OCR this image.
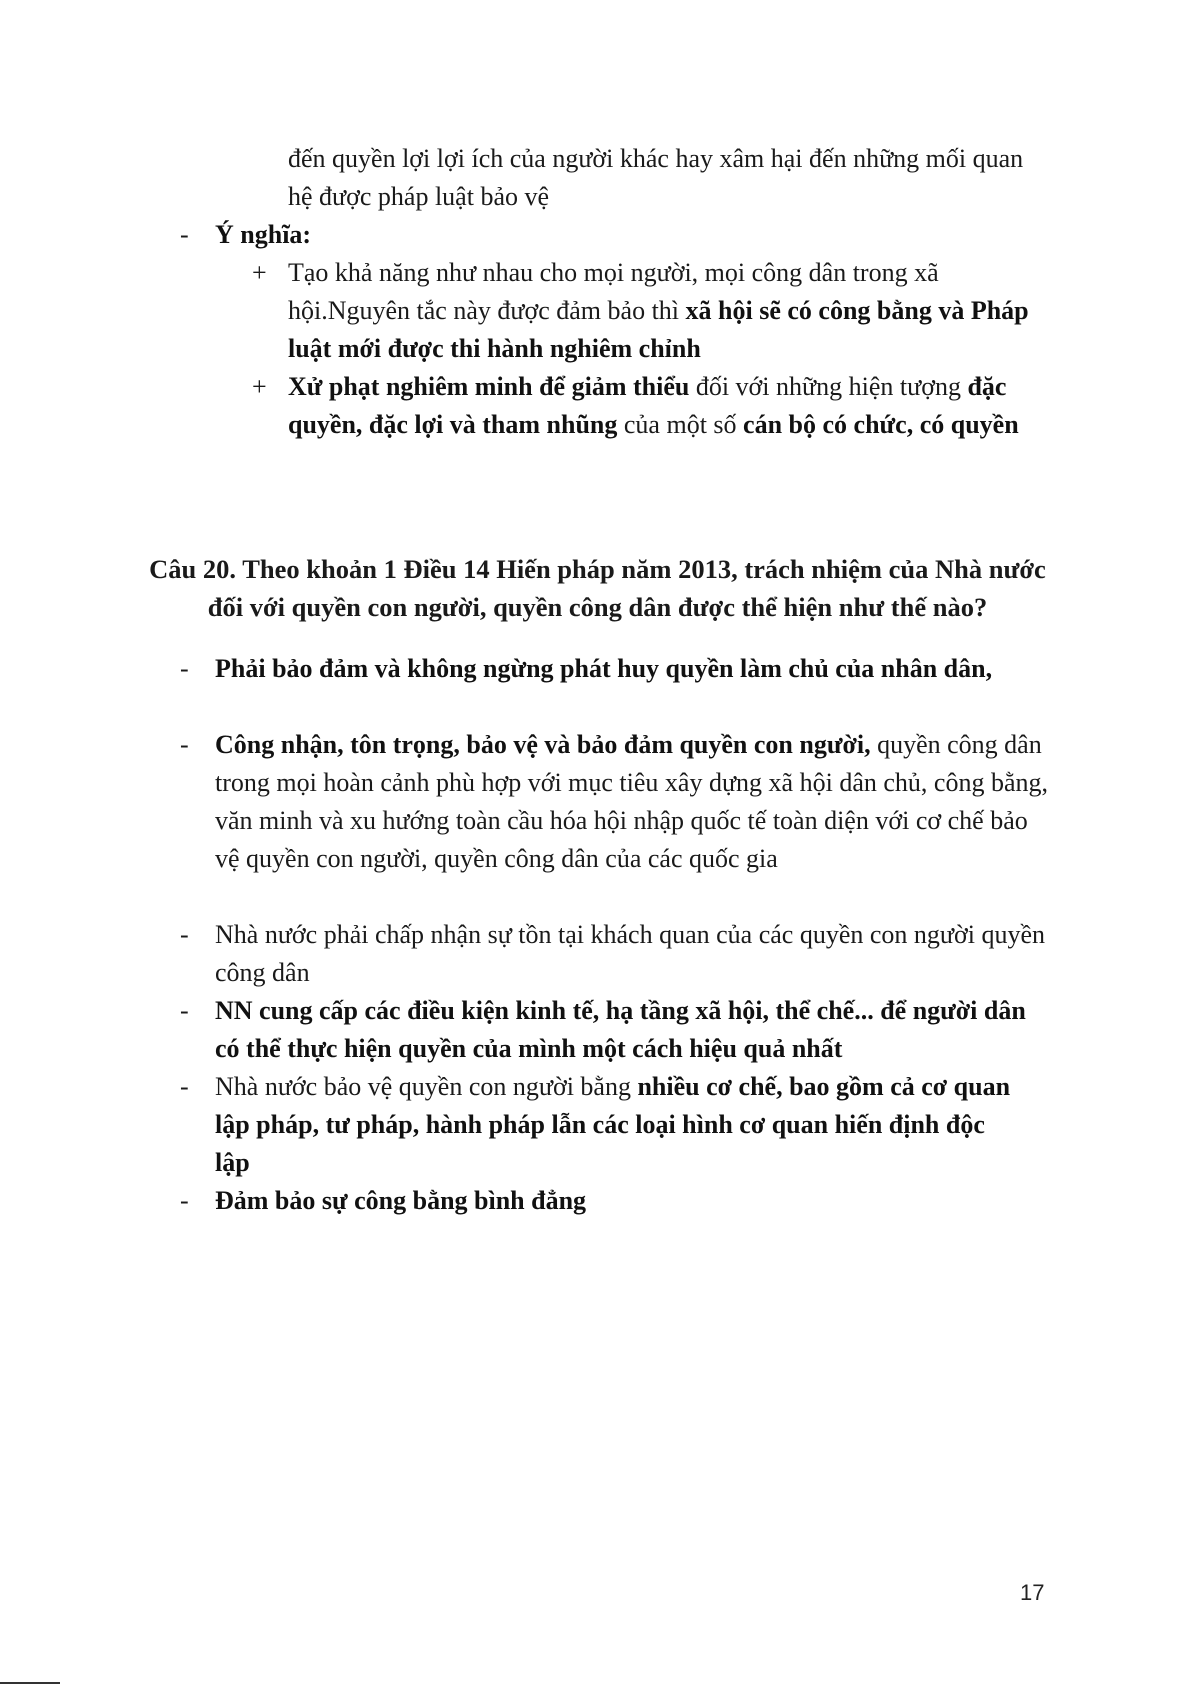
đến quyền lợi lợi ích của người khác hay xâm hại đến những mối quan hệ được pháp luật bảo vệ
- Ý nghĩa:
+ Tạo khả năng như nhau cho mọi người, mọi công dân trong xã hội.Nguyên tắc này được đảm bảo thì xã hội sẽ có công bằng và Pháp luật mới được thi hành nghiêm chỉnh
+ Xử phạt nghiêm minh để giảm thiểu đối với những hiện tượng đặc quyền, đặc lợi và tham nhũng của một số cán bộ có chức, có quyền
Câu 20. Theo khoản 1 Điều 14 Hiến pháp năm 2013, trách nhiệm của Nhà nước đối với quyền con người, quyền công dân được thể hiện như thế nào?
- Phải bảo đảm và không ngừng phát huy quyền làm chủ của nhân dân,
- Công nhận, tôn trọng, bảo vệ và bảo đảm quyền con người, quyền công dân trong mọi hoàn cảnh phù hợp với mục tiêu xây dựng xã hội dân chủ, công bằng, văn minh và xu hướng toàn cầu hóa hội nhập quốc tế toàn diện với cơ chế bảo vệ quyền con người, quyền công dân của các quốc gia
- Nhà nước phải chấp nhận sự tồn tại khách quan của các quyền con người quyền công dân
- NN cung cấp các điều kiện kinh tế, hạ tầng xã hội, thể chế... để người dân có thể thực hiện quyền của mình một cách hiệu quả nhất
- Nhà nước bảo vệ quyền con người bằng nhiều cơ chế, bao gồm cả cơ quan lập pháp, tư pháp, hành pháp lẫn các loại hình cơ quan hiến định độc lập
- Đảm bảo sự công bằng bình đẳng
17
